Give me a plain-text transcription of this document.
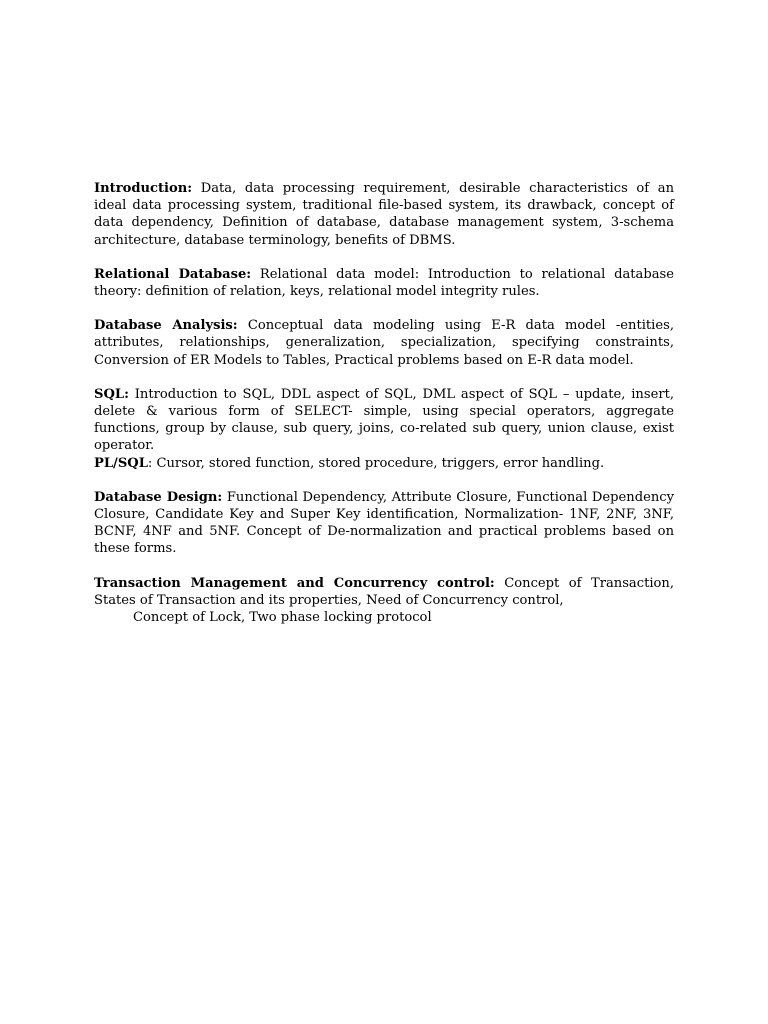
Introduction: Data, data processing requirement, desirable characteristics of an ideal data processing system, traditional file-based system, its drawback, concept of data dependency, Definition of database, database management system, 3-schema architecture, database terminology, benefits of DBMS.

Relational Database: Relational data model: Introduction to relational database theory: definition of relation, keys, relational model integrity rules.

Database Analysis: Conceptual data modeling using E-R data model -entities, attributes, relationships, generalization, specialization, specifying constraints, Conversion of ER Models to Tables, Practical problems based on E-R data model.

SQL: Introduction to SQL, DDL aspect of SQL, DML aspect of SQL – update, insert, delete & various form of SELECT- simple, using special operators, aggregate functions, group by clause, sub query, joins, co-related sub query, union clause, exist operator.

PL/SQL: Cursor, stored function, stored procedure, triggers, error handling.

Database Design: Functional Dependency, Attribute Closure, Functional Dependency Closure, Candidate Key and Super Key identification, Normalization- 1NF, 2NF, 3NF, BCNF, 4NF and 5NF. Concept of De-normalization and practical problems based on these forms.

Transaction Management and Concurrency control: Concept of Transaction, States of Transaction and its properties, Need of Concurrency control,
Concept of Lock, Two phase locking protocol
